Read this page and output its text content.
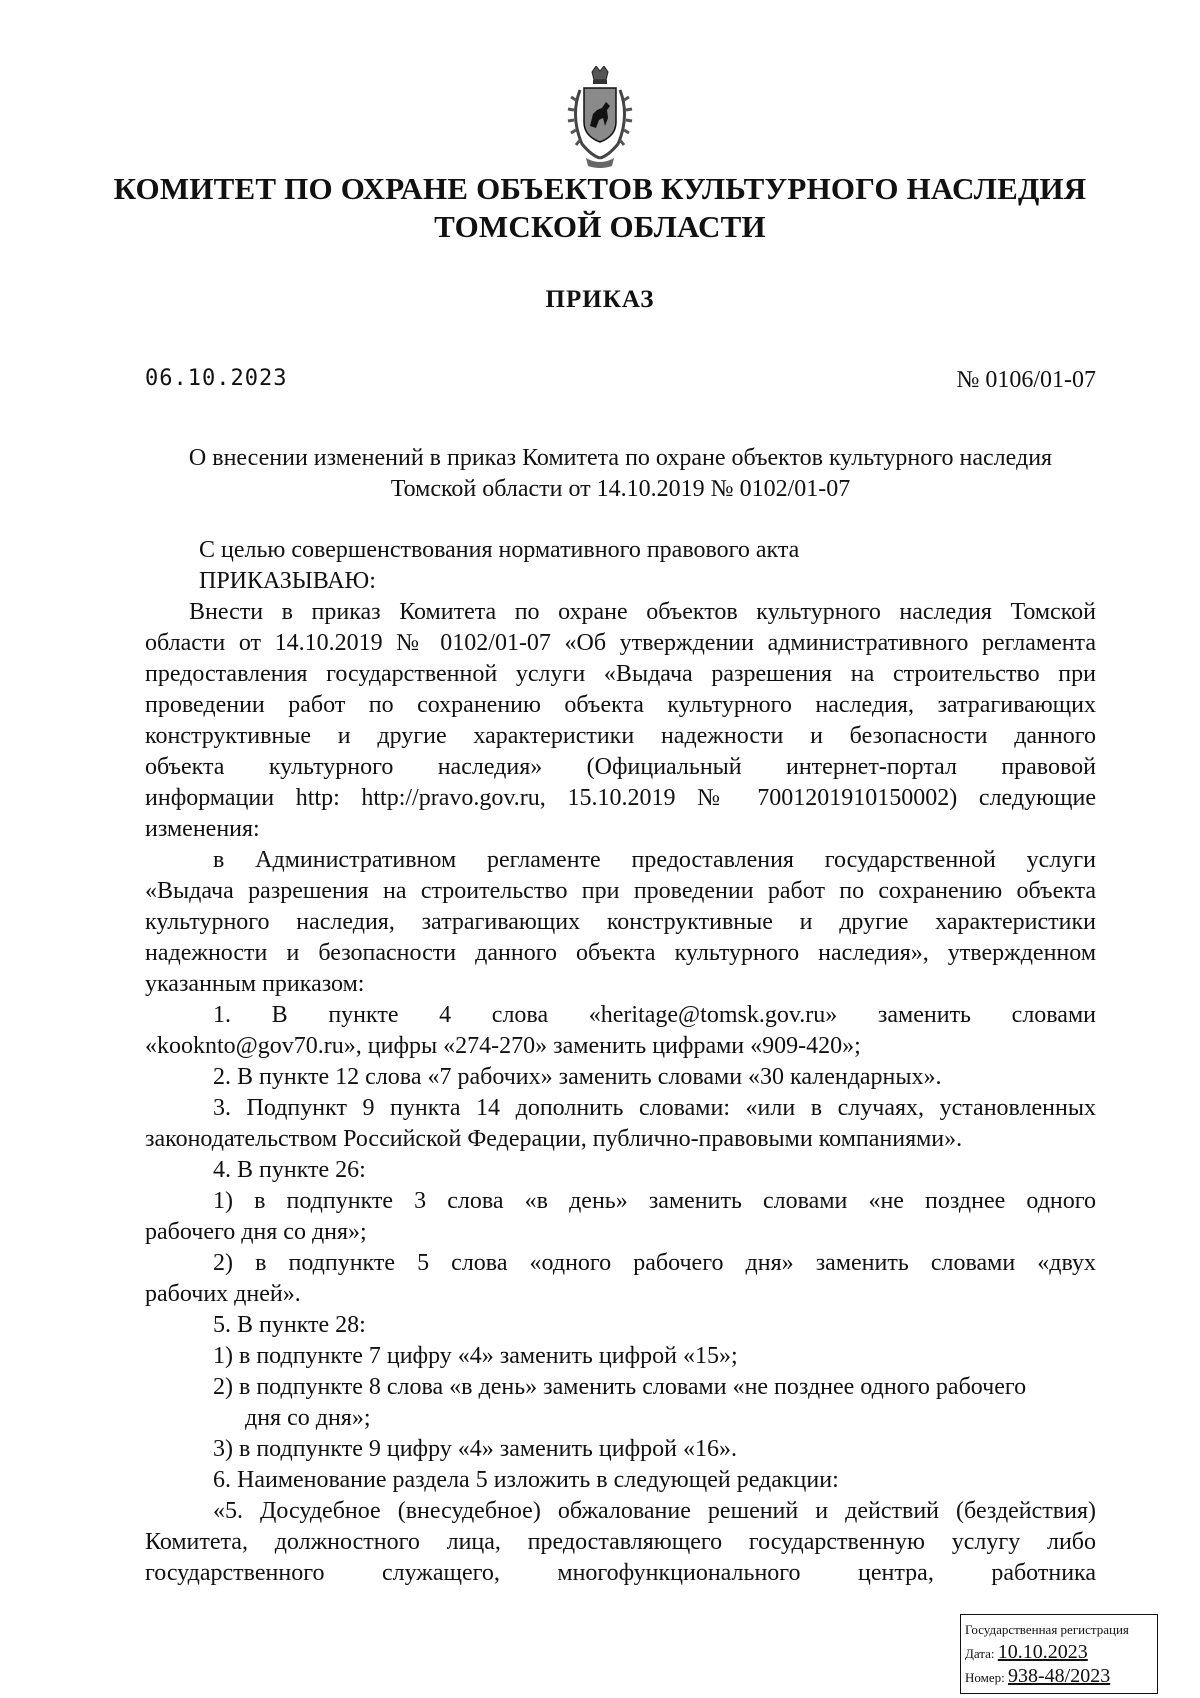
КОМИТЕТ ПО ОХРАНЕ ОБЪЕКТОВ КУЛЬТУРНОГО НАСЛЕДИЯ
ТОМСКОЙ ОБЛАСТИ
ПРИКАЗ
06.10.2023	№ 0106/01-07
О внесении изменений в приказ Комитета по охране объектов культурного наследия
Томской области от 14.10.2019 № 0102/01-07
С целью совершенствования нормативного правового акта
ПРИКАЗЫВАЮ:
Внести в приказ Комитета по охране объектов культурного наследия Томской
области от 14.10.2019 № 0102/01-07 «Об утверждении административного регламента
предоставления государственной услуги «Выдача разрешения на строительство при
проведении работ по сохранению объекта культурного наследия, затрагивающих
конструктивные и другие характеристики надежности и безопасности данного
объекта культурного наследия» (Официальный интернет-портал правовой
информации http: http://pravo.gov.ru, 15.10.2019 № 7001201910150002) следующие
изменения:
в Административном регламенте предоставления государственной услуги
«Выдача разрешения на строительство при проведении работ по сохранению объекта
культурного наследия, затрагивающих конструктивные и другие характеристики
надежности и безопасности данного объекта культурного наследия», утвержденном
указанным приказом:
1. В пункте 4 слова «heritage@tomsk.gov.ru» заменить словами
«kookntо@gov70.ru», цифры «274-270» заменить цифрами «909-420»;
2. В пункте 12 слова «7 рабочих» заменить словами «30 календарных».
3. Подпункт 9 пункта 14 дополнить словами: «или в случаях, установленных
законодательством Российской Федерации, публично-правовыми компаниями».
4. В пункте 26:
1) в подпункте 3 слова «в день» заменить словами «не позднее одного
рабочего дня со дня»;
2) в подпункте 5 слова «одного рабочего дня» заменить словами «двух
рабочих дней».
5. В пункте 28:
1) в подпункте 7 цифру «4» заменить цифрой «15»;
2) в подпункте 8 слова «в день» заменить словами «не позднее одного рабочего
дня со дня»;
3) в подпункте 9 цифру «4» заменить цифрой «16».
6. Наименование раздела 5 изложить в следующей редакции:
«5. Досудебное (внесудебное) обжалование решений и действий (бездействия)
Комитета, должностного лица, предоставляющего государственную услугу либо
государственного служащего, многофункционального центра, работника
Государственная регистрация
Дата: 10.10.2023
Номер: 938-48/2023
